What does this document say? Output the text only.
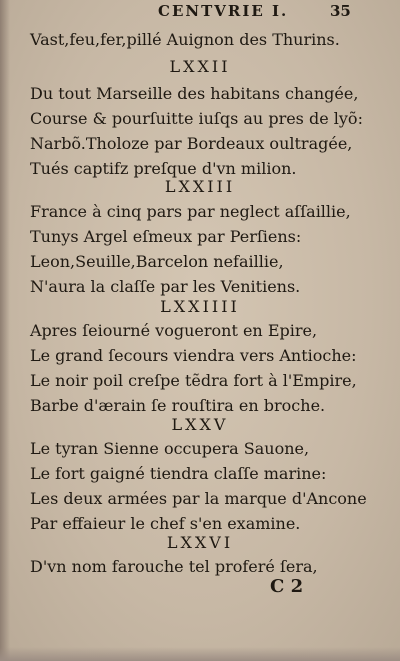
CENTVRIE I.	35
Vast,feu,fer,pillé Auignon des Thurins.
LXXII
Du tout Marseille des habitans changée,
Course & pourſuitte iuſqs au pres de lyõ:
Narbõ.Tholoze par Bordeaux oultragée,
Tués captifz preſque d'vn milion.
LXXIII
France à cinq pars par neglect aſſaillie,
Tunys Argel eſmeux par Perſiens:
Leon,Seuille,Barcelon nefaillie,
N'aura la claſſe par les Venitiens.
LXXIIII
Apres ſeiourné vogueront en Epire,
Le grand ſecours viendra vers Antioche:
Le noir poil creſpe tẽdra fort à l'Empire,
Barbe d'ærain ſe rouſtira en broche.
LXXV
Le tyran Sienne occupera Sauone,
Le fort gaigné tiendra claſſe marine:
Les deux armées par la marque d'Ancone
Par effaieur le chef s'en examine.
LXXVI
D'vn nom farouche tel proferé ſera,
C 2
